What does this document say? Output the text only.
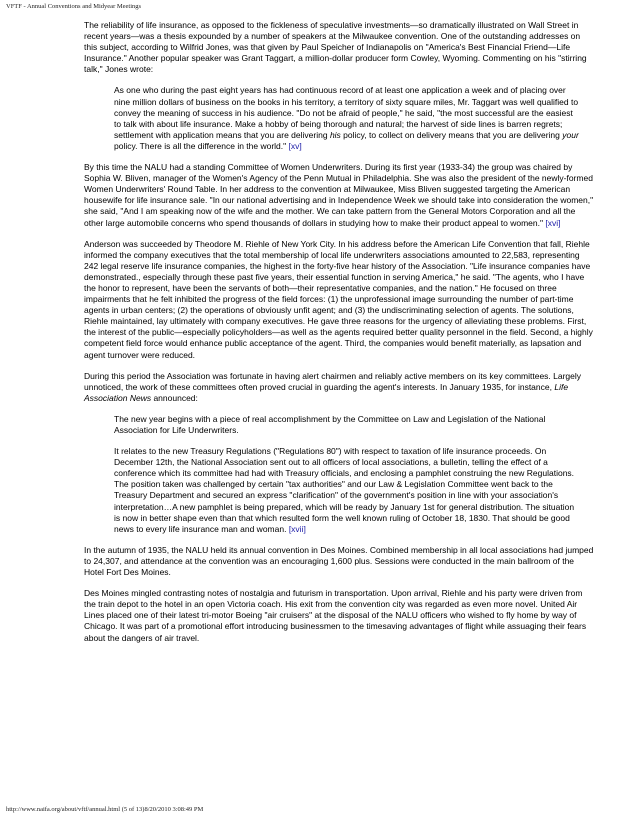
VFTF - Annual Conventions and Midyear Meetings

The reliability of life insurance, as opposed to the fickleness of speculative investments—so dramatically illustrated on Wall Street in recent years—was a thesis expounded by a number of speakers at the Milwaukee convention. One of the outstanding addresses on this subject, according to Wilfrid Jones, was that given by Paul Speicher of Indianapolis on "America's Best Financial Friend—Life Insurance." Another popular speaker was Grant Taggart, a million-dollar producer form Cowley, Wyoming. Commenting on his "stirring talk," Jones wrote:

As one who during the past eight years has had continuous record of at least one application a week and of placing over nine million dollars of business on the books in his territory, a territory of sixty square miles, Mr. Taggart was well qualified to convey the meaning of success in his audience. "Do not be afraid of people," he said, "the most successful are the easiest to talk with about life insurance. Make a hobby of being thorough and natural; the harvest of side lines is barren regrets; settlement with application means that you are delivering his policy, to collect on delivery means that you are delivering your policy. There is all the difference in the world." [xv]

By this time the NALU had a standing Committee of Women Underwriters. During its first year (1933-34) the group was chaired by Sophia W. Bliven, manager of the Women's Agency of the Penn Mutual in Philadelphia. She was also the president of the newly-formed Women Underwriters' Round Table. In her address to the convention at Milwaukee, Miss Bliven suggested targeting the American housewife for life insurance sale. "In our national advertising and in Independence Week we should take into consideration the women," she said, "And I am speaking now of the wife and the mother. We can take pattern from the General Motors Corporation and all the other large automobile concerns who spend thousands of dollars in studying how to make their product appeal to women." [xvi]

Anderson was succeeded by Theodore M. Riehle of New York City. In his address before the American Life Convention that fall, Riehle informed the company executives that the total membership of local life underwriters associations amounted to 22,583, representing 242 legal reserve life insurance companies, the highest in the forty-five hear history of the Association. "Life insurance companies have demonstrated., especially through these past five years, their essential function in serving America," he said. "The agents, who I have the honor to represent, have been the servants of both—their representative companies, and the nation." He focused on three impairments that he felt inhibited the progress of the field forces: (1) the unprofessional image surrounding the number of part-time agents in urban centers; (2) the operations of obviously unfit agent; and (3) the undiscriminating selection of agents. The solutions, Riehle maintained, lay ultimately with company executives. He gave three reasons for the urgency of alleviating these problems. First, the interest of the public—especially policyholders—as well as the agents required better quality personnel in the field. Second, a highly competent field force would enhance public acceptance of the agent. Third, the companies would benefit materially, as lapsation and agent turnover were reduced.

During this period the Association was fortunate in having alert chairmen and reliably active members on its key committees. Largely unnoticed, the work of these committees often proved crucial in guarding the agent's interests. In January 1935, for instance, Life Association News announced:

The new year begins with a piece of real accomplishment by the Committee on Law and Legislation of the National Association for Life Underwriters.

It relates to the new Treasury Regulations ("Regulations 80") with respect to taxation of life insurance proceeds. On December 12th, the National Association sent out to all officers of local associations, a bulletin, telling the effect of a conference which its committee had had with Treasury officials, and enclosing a pamphlet construing the new Regulations. The position taken was challenged by certain "tax authorities" and our Law & Legislation Committee went back to the Treasury Department and secured an express "clarification" of the government's position in line with your association's interpretation…A new pamphlet is being prepared, which will be ready by January 1st for general distribution. The situation is now in better shape even than that which resulted form the well known ruling of October 18, 1830. That should be good news to every life insurance man and woman. [xvii]

In the autumn of 1935, the NALU held its annual convention in Des Moines. Combined membership in all local associations had jumped to 24,307, and attendance at the convention was an encouraging 1,600 plus. Sessions were conducted in the main ballroom of the Hotel Fort Des Moines.

Des Moines mingled contrasting notes of nostalgia and futurism in transportation. Upon arrival, Riehle and his party were driven from the train depot to the hotel in an open Victoria coach. His exit from the convention city was regarded as even more novel. United Air Lines placed one of their latest tri-motor Boeing "air cruisers" at the disposal of the NALU officers who wished to fly home by way of Chicago. It was part of a promotional effort introducing businessmen to the timesaving advantages of flight while assuaging their fears about the dangers of air travel.

http://www.naifa.org/about/vftf/annual.html (5 of 13)8/20/2010 3:08:49 PM
